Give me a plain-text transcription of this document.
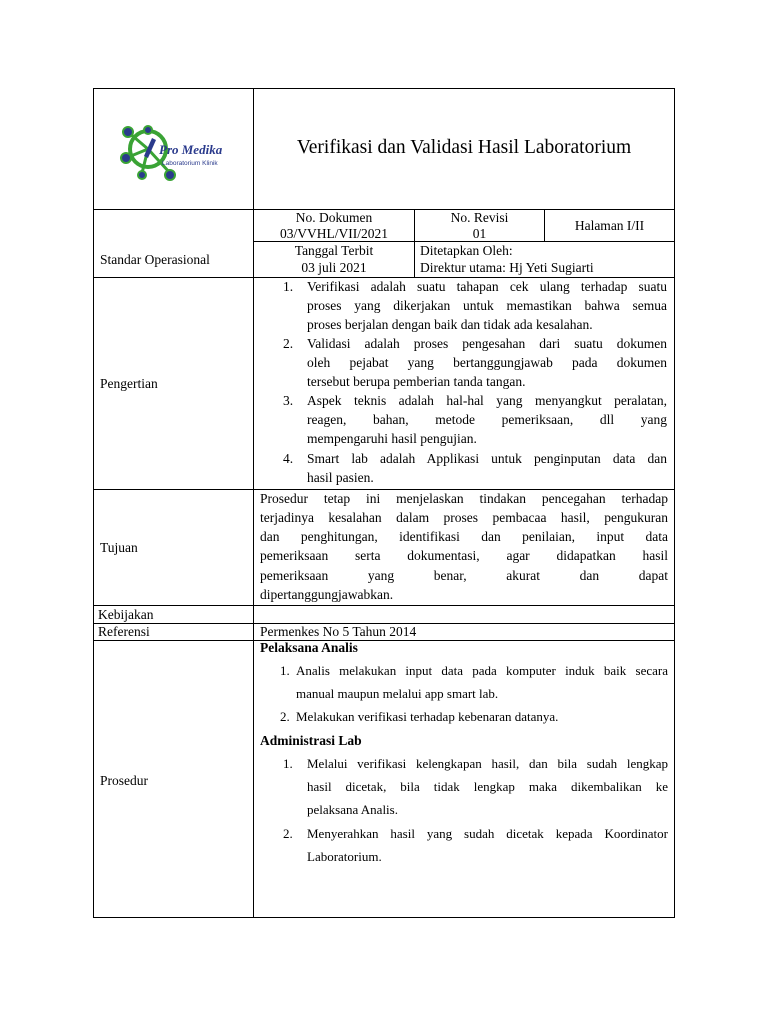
Pro Medika
Laboratorium Klinik
Verifikasi dan Validasi Hasil Laboratorium
No. Dokumen
03/VVHL/VII/2021
No. Revisi
01
Halaman I/II
Standar Operasional
Tanggal Terbit
03 juli 2021
Ditetapkan Oleh:
Direktur utama: Hj Yeti Sugiarti
Pengertian
1. Verifikasi adalah suatu tahapan cek ulang terhadap suatu
proses yang dikerjakan untuk memastikan bahwa semua
proses berjalan dengan baik dan tidak ada kesalahan.
2. Validasi adalah proses pengesahan dari suatu dokumen
oleh pejabat yang bertanggungjawab pada dokumen
tersebut berupa pemberian tanda tangan.
3. Aspek teknis adalah hal-hal yang menyangkut peralatan,
reagen, bahan, metode pemeriksaan, dll yang
mempengaruhi hasil pengujian.
4. Smart lab adalah Applikasi untuk penginputan data dan
hasil pasien.
Tujuan
Prosedur tetap ini menjelaskan tindakan pencegahan terhadap
terjadinya kesalahan dalam proses pembacaa hasil, pengukuran
dan penghitungan, identifikasi dan penilaian, input data
pemeriksaan serta dokumentasi, agar didapatkan hasil
pemeriksaan yang benar, akurat dan dapat
dipertanggungjawabkan.
Kebijakan
Referensi	Permenkes No 5 Tahun 2014
Prosedur
Pelaksana Analis
1. Analis melakukan input data pada komputer induk baik secara
manual maupun melalui app smart lab.
2. Melakukan verifikasi terhadap kebenaran datanya.
Administrasi Lab
1. Melalui verifikasi kelengkapan hasil, dan bila sudah lengkap
hasil dicetak, bila tidak lengkap maka dikembalikan ke
pelaksana Analis.
2. Menyerahkan hasil yang sudah dicetak kepada Koordinator
Laboratorium.
